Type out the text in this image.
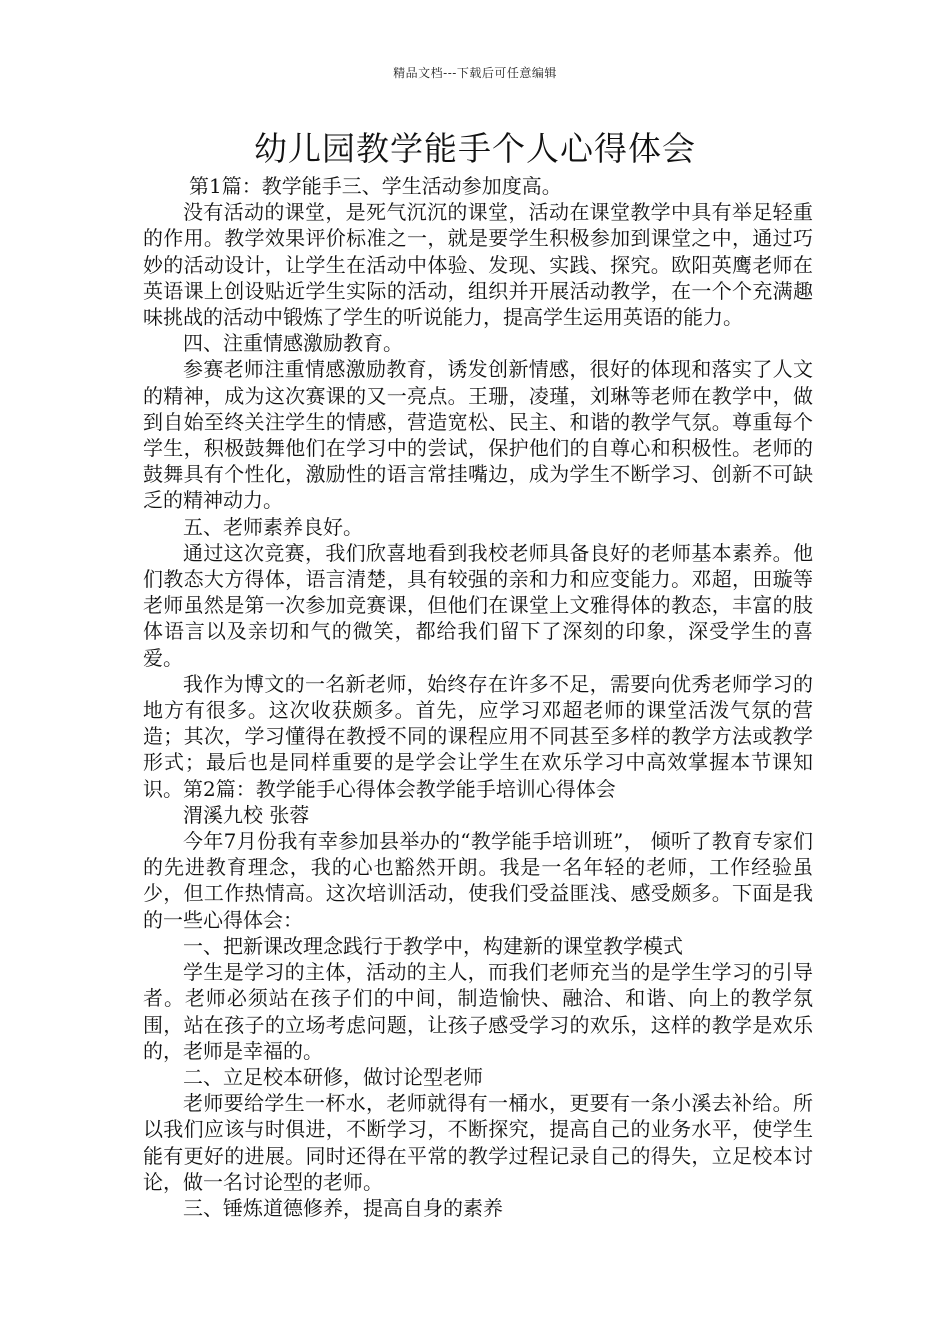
精品文档---下载后可任意编辑
幼儿园教学能手个人心得体会

第1篇：教学能手三、学生活动参加度高。

没有活动的课堂，是死气沉沉的课堂，活动在课堂教学中具有举足轻重的作用。教学效果评价标准之一，就是要学生积极参加到课堂之中，通过巧妙的活动设计，让学生在活动中体验、发现、实践、探究。欧阳英鹰老师在英语课上创设贴近学生实际的活动，组织并开展活动教学，在一个个充满趣味挑战的活动中锻炼了学生的听说能力，提高学生运用英语的能力。

四、注重情感激励教育。

参赛老师注重情感激励教育，诱发创新情感，很好的体现和落实了人文的精神，成为这次赛课的又一亮点。王珊，凌瑾，刘琳等老师在教学中，做到自始至终关注学生的情感，营造宽松、民主、和谐的教学气氛。尊重每个学生，积极鼓舞他们在学习中的尝试，保护他们的自尊心和积极性。老师的鼓舞具有个性化，激励性的语言常挂嘴边，成为学生不断学习、创新不可缺乏的精神动力。

五、老师素养良好。

通过这次竞赛，我们欣喜地看到我校老师具备良好的老师基本素养。他们教态大方得体，语言清楚，具有较强的亲和力和应变能力。邓超，田璇等老师虽然是第一次参加竞赛课，但他们在课堂上文雅得体的教态，丰富的肢体语言以及亲切和气的微笑，都给我们留下了深刻的印象，深受学生的喜爱。

我作为博文的一名新老师，始终存在许多不足，需要向优秀老师学习的地方有很多。这次收获颇多。首先，应学习邓超老师的课堂活泼气氛的营造；其次，学习懂得在教授不同的课程应用不同甚至多样的教学方法或教学形式；最后也是同样重要的是学会让学生在欢乐学习中高效掌握本节课知识。第2篇：教学能手心得体会教学能手培训心得体会

渭溪九校 张蓉

今年7月份我有幸参加县举办的“教学能手培训班”， 倾听了教育专家们的先进教育理念，我的心也豁然开朗。我是一名年轻的老师，工作经验虽少，但工作热情高。这次培训活动，使我们受益匪浅、感受颇多。下面是我的一些心得体会：

一、把新课改理念践行于教学中，构建新的课堂教学模式

学生是学习的主体，活动的主人，而我们老师充当的是学生学习的引导者。老师必须站在孩子们的中间，制造愉快、融洽、和谐、向上的教学氛围，站在孩子的立场考虑问题，让孩子感受学习的欢乐，这样的教学是欢乐的，老师是幸福的。

二、立足校本研修，做讨论型老师

老师要给学生一杯水，老师就得有一桶水，更要有一条小溪去补给。所以我们应该与时俱进，不断学习，不断探究，提高自己的业务水平，使学生能有更好的进展。同时还得在平常的教学过程记录自己的得失，立足校本讨论，做一名讨论型的老师。

三、锤炼道德修养，提高自身的素养
